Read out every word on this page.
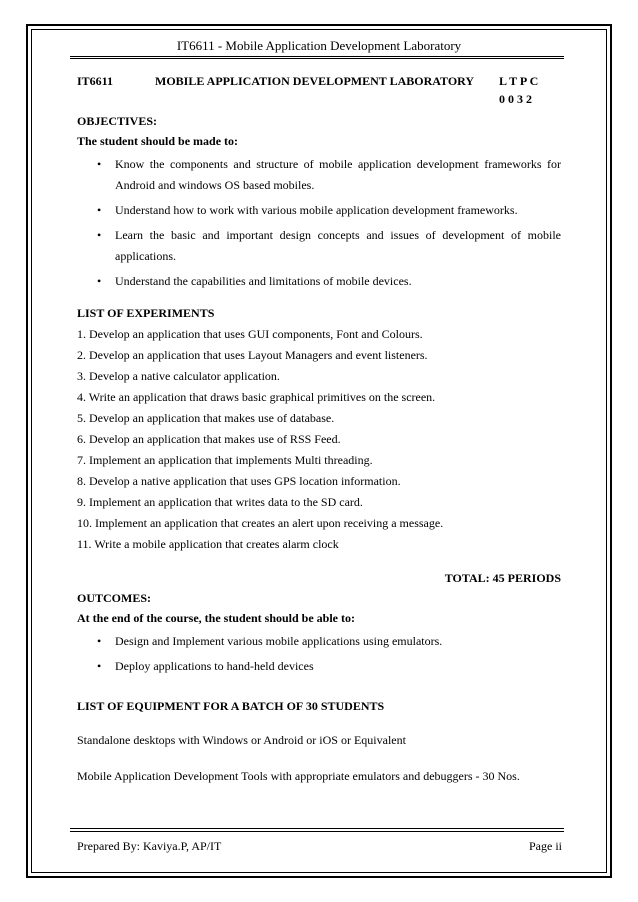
IT6611 - Mobile Application Development Laboratory
IT6611	MOBILE APPLICATION DEVELOPMENT LABORATORY	L T P C
0 0 3 2
OBJECTIVES:
The student should be made to:
• Know the components and structure of mobile application development frameworks for Android and windows OS based mobiles.
• Understand how to work with various mobile application development frameworks.
• Learn the basic and important design concepts and issues of development of mobile applications.
• Understand the capabilities and limitations of mobile devices.
LIST OF EXPERIMENTS
1. Develop an application that uses GUI components, Font and Colours.
2. Develop an application that uses Layout Managers and event listeners.
3. Develop a native calculator application.
4. Write an application that draws basic graphical primitives on the screen.
5. Develop an application that makes use of database.
6. Develop an application that makes use of RSS Feed.
7. Implement an application that implements Multi threading.
8. Develop a native application that uses GPS location information.
9. Implement an application that writes data to the SD card.
10. Implement an application that creates an alert upon receiving a message.
11. Write a mobile application that creates alarm clock
TOTAL: 45 PERIODS
OUTCOMES:
At the end of the course, the student should be able to:
• Design and Implement various mobile applications using emulators.
• Deploy applications to hand-held devices
LIST OF EQUIPMENT FOR A BATCH OF 30 STUDENTS
Standalone desktops with Windows or Android or iOS or Equivalent
Mobile Application Development Tools with appropriate emulators and debuggers - 30 Nos.
Prepared By: Kaviya.P, AP/IT	Page ii
